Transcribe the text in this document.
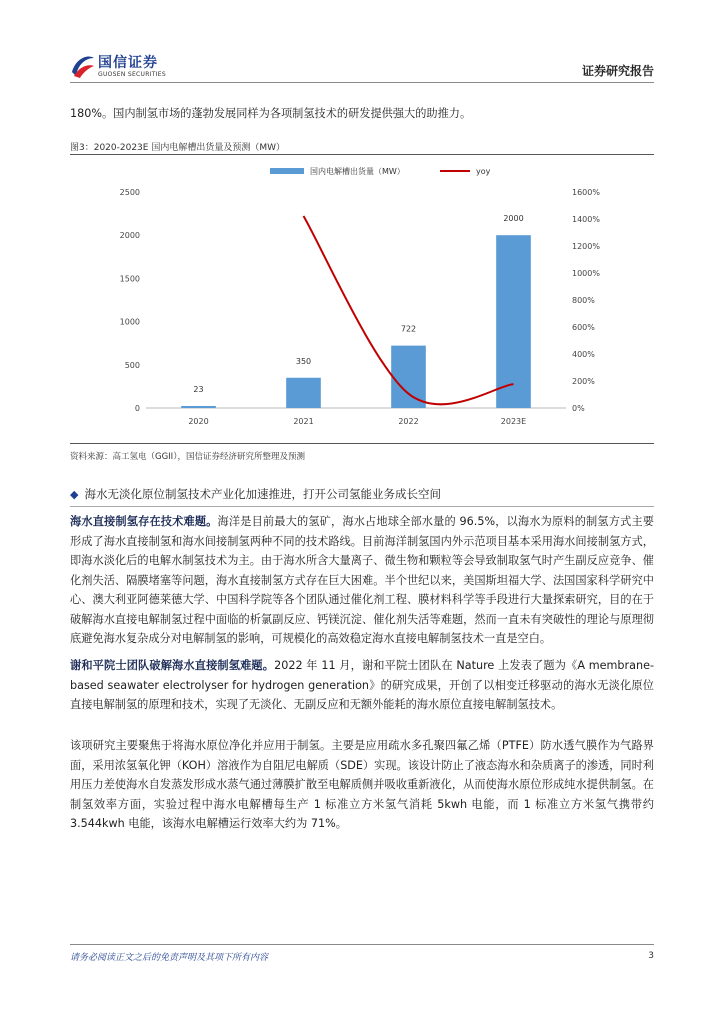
国信证券
GUOSEN SECURITIES	证券研究报告
180%。国内制氢市场的蓬勃发展同样为各项制氢技术的研发提供强大的助推力。
图3：2020-2023E 国内电解槽出货量及预测（MW）
国内电解槽出货量（MW）	yoy
0
500
1000
1500
2000
2500
0%
200%
400%
600%
800%
1000%
1200%
1400%
1600%
23
350
722
2000
2020	2021	2022	2023E
资料来源：高工氢电（GGII），国信证券经济研究所整理及预测
◆ 海水无淡化原位制氢技术产业化加速推进，打开公司氢能业务成长空间
海水直接制氢存在技术难题。海洋是目前最大的氢矿，海水占地球全部水量的 96.5%，以海水为原料的制氢方式主要形成了海水直接制氢和海水间接制氢两种不同的技术路线。目前海洋制氢国内外示范项目基本采用海水间接制氢方式，即海水淡化后的电解水制氢技术为主。由于海水所含大量离子、微生物和颗粒等会导致制取氢气时产生副反应竞争、催化剂失活、隔膜堵塞等问题，海水直接制氢方式存在巨大困难。半个世纪以来，美国斯坦福大学、法国国家科学研究中心、澳大利亚阿德莱德大学、中国科学院等各个团队通过催化剂工程、膜材料科学等手段进行大量探索研究，目的在于破解海水直接电解制氢过程中面临的析氯副反应、钙镁沉淀、催化剂失活等难题，然而一直未有突破性的理论与原理彻底避免海水复杂成分对电解制氢的影响，可规模化的高效稳定海水直接电解制氢技术一直是空白。
谢和平院士团队破解海水直接制氢难题。2022 年 11 月，谢和平院士团队在 Nature 上发表了题为《A membrane-based seawater electrolyser for hydrogen generation》的研究成果，开创了以相变迁移驱动的海水无淡化原位直接电解制氢的原理和技术，实现了无淡化、无副反应和无额外能耗的海水原位直接电解制氢技术。
该项研究主要聚焦于将海水原位净化并应用于制氢。主要是应用疏水多孔聚四氟乙烯（PTFE）防水透气膜作为气路界面，采用浓氢氧化钾（KOH）溶液作为自阻尼电解质（SDE）实现。该设计防止了液态海水和杂质离子的渗透，同时利用压力差使海水自发蒸发形成水蒸气通过薄膜扩散至电解质侧并吸收重新液化，从而使海水原位形成纯水提供制氢。在制氢效率方面，实验过程中海水电解槽每生产 1 标准立方米氢气消耗 5kwh 电能，而 1 标准立方米氢气携带约 3.544kwh 电能，该海水电解槽运行效率大约为 71%。
请务必阅读正文之后的免责声明及其项下所有内容	3
